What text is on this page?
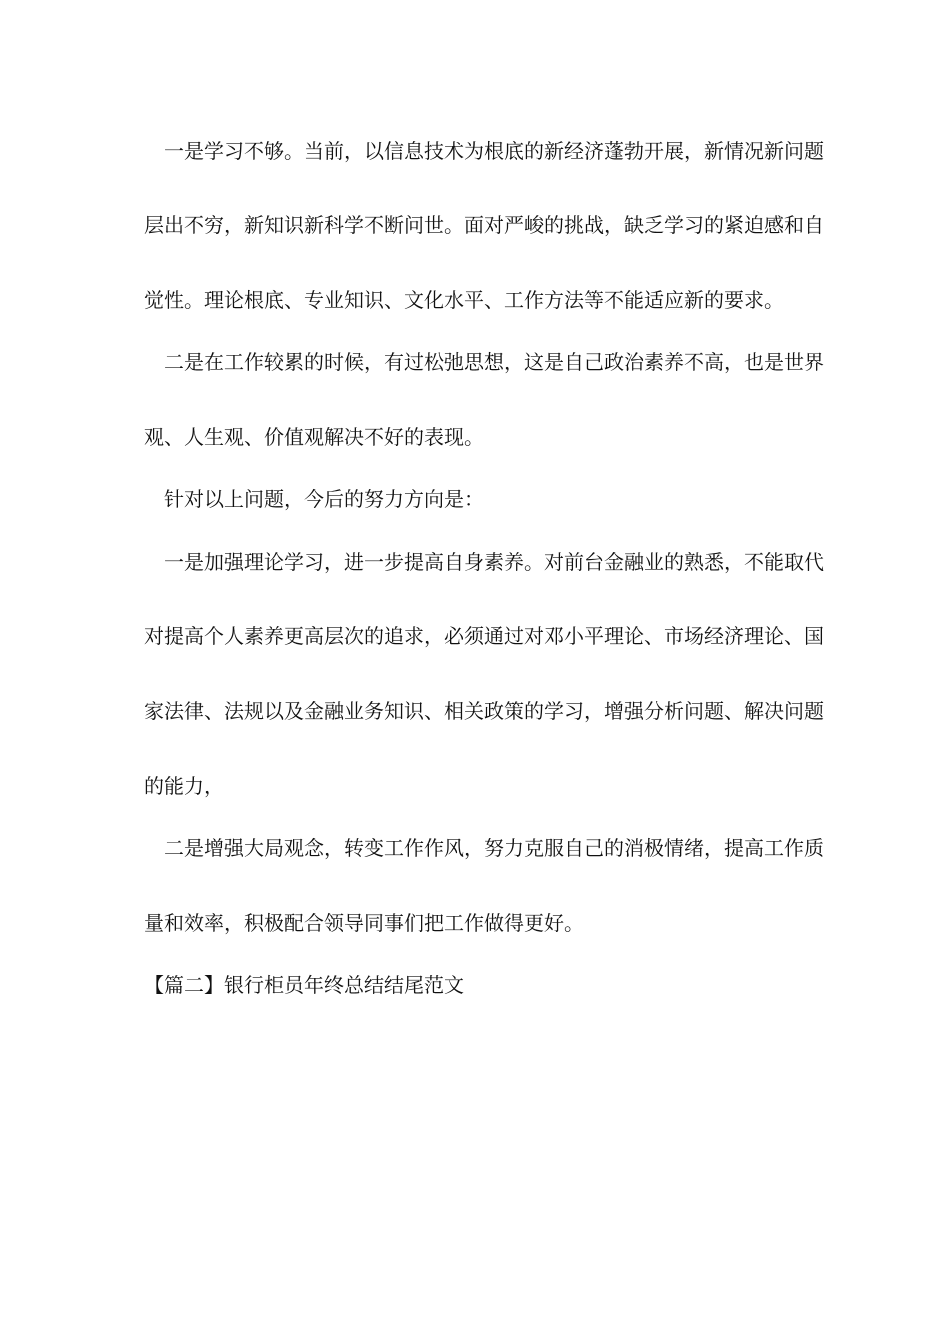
一是学习不够。当前，以信息技术为根底的新经济蓬勃开展，新情况新问题
层出不穷，新知识新科学不断问世。面对严峻的挑战，缺乏学习的紧迫感和自
觉性。理论根底、专业知识、文化水平、工作方法等不能适应新的要求。
二是在工作较累的时候，有过松弛思想，这是自己政治素养不高，也是世界
观、人生观、价值观解决不好的表现。
针对以上问题，今后的努力方向是：
一是加强理论学习，进一步提高自身素养。对前台金融业的熟悉，不能取代
对提高个人素养更高层次的追求，必须通过对邓小平理论、市场经济理论、国
家法律、法规以及金融业务知识、相关政策的学习，增强分析问题、解决问题
的能力，
二是增强大局观念，转变工作作风，努力克服自己的消极情绪，提高工作质
量和效率，积极配合领导同事们把工作做得更好。
【篇二】银行柜员年终总结结尾范文
